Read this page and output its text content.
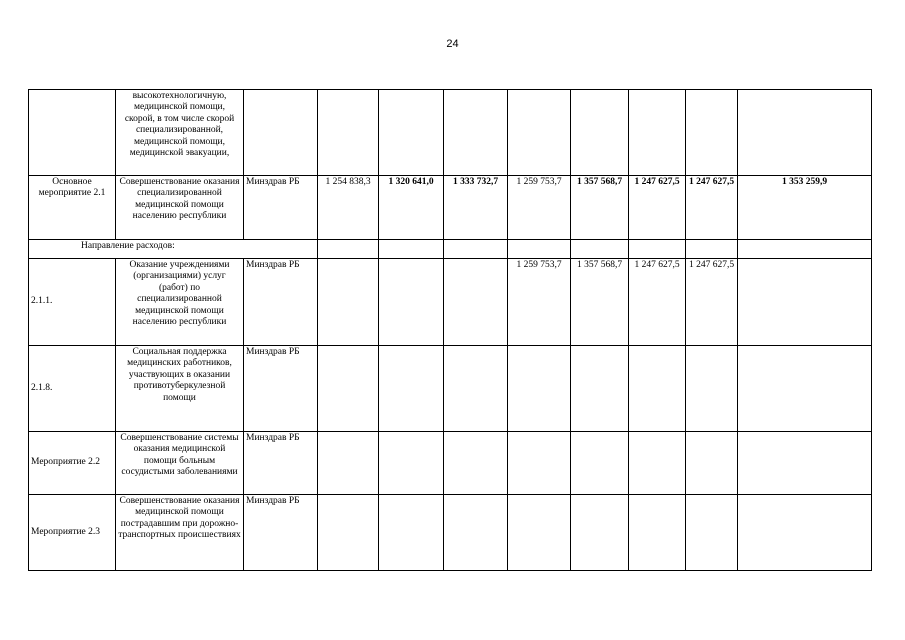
24
	высокотехнологичную, медицинской помощи, скорой, в том числе скорой специализированной, медицинской помощи, медицинской эвакуации,									
Основное мероприятие 2.1	Совершенствование оказания специализированной медицинской помощи населению республики	Минздрав РБ	1 254 838,3	1 320 641,0	1 333 732,7	1 259 753,7	1 357 568,7	1 247 627,5	1 247 627,5	1 353 259,9
Направление расходов:										
2.1.1.	Оказание учреждениями (организациями) услуг (работ) по специализированной медицинской помощи населению республики	Минздрав РБ				1 259 753,7	1 357 568,7	1 247 627,5	1 247 627,5	
2.1.8.	Социальная поддержка медицинских работников, участвующих в оказании противотуберкулезной помощи	Минздрав РБ								
Мероприятие 2.2	Совершенствование системы оказания медицинской помощи больным сосудистыми заболеваниями	Минздрав РБ								
Мероприятие 2.3	Совершенствование оказания медицинской помощи пострадавшим при дорожно-транспортных происшествиях	Минздрав РБ								
